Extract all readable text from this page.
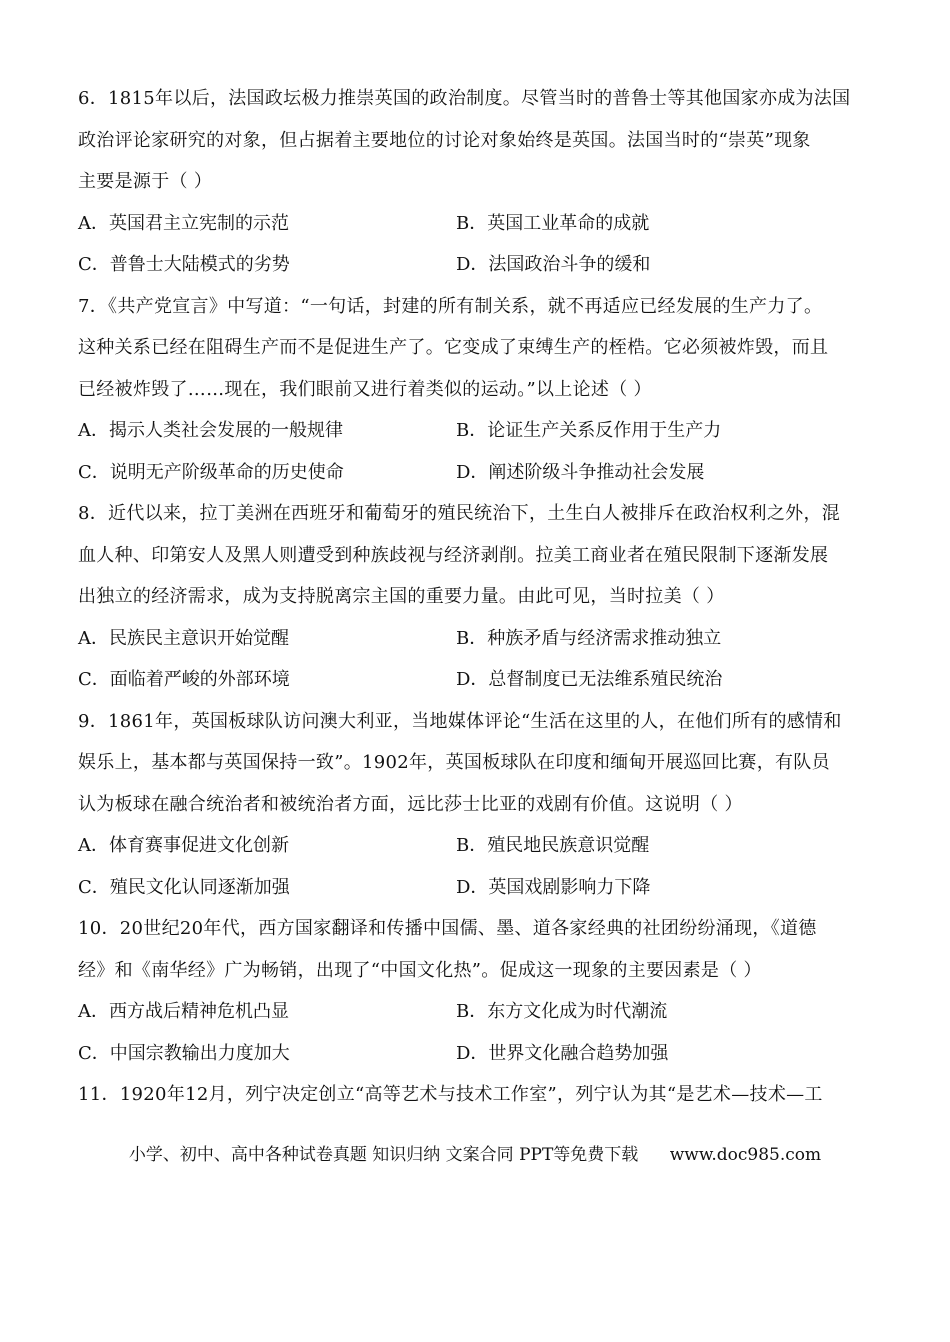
6．1815年以后，法国政坛极力推崇英国的政治制度。尽管当时的普鲁士等其他国家亦成为法国
政治评论家研究的对象，但占据着主要地位的讨论对象始终是英国。法国当时的“崇英”现象
主要是源于（ ）
A．英国君主立宪制的示范	B．英国工业革命的成就
C．普鲁士大陆模式的劣势	D．法国政治斗争的缓和
7．《共产党宣言》中写道：“一句话，封建的所有制关系，就不再适应已经发展的生产力了。
这种关系已经在阻碍生产而不是促进生产了。它变成了束缚生产的桎梏。它必须被炸毁，而且
已经被炸毁了……现在，我们眼前又进行着类似的运动。”以上论述（ ）
A．揭示人类社会发展的一般规律	B．论证生产关系反作用于生产力
C．说明无产阶级革命的历史使命	D．阐述阶级斗争推动社会发展
8．近代以来，拉丁美洲在西班牙和葡萄牙的殖民统治下，土生白人被排斥在政治权利之外，混
血人种、印第安人及黑人则遭受到种族歧视与经济剥削。拉美工商业者在殖民限制下逐渐发展
出独立的经济需求，成为支持脱离宗主国的重要力量。由此可见，当时拉美（ ）
A．民族民主意识开始觉醒	B．种族矛盾与经济需求推动独立
C．面临着严峻的外部环境	D．总督制度已无法维系殖民统治
9．1861年，英国板球队访问澳大利亚，当地媒体评论“生活在这里的人，在他们所有的感情和
娱乐上，基本都与英国保持一致”。1902年，英国板球队在印度和缅甸开展巡回比赛，有队员
认为板球在融合统治者和被统治者方面，远比莎士比亚的戏剧有价值。这说明（ ）
A．体育赛事促进文化创新	B．殖民地民族意识觉醒
C．殖民文化认同逐渐加强	D．英国戏剧影响力下降
10．20世纪20年代，西方国家翻译和传播中国儒、墨、道各家经典的社团纷纷涌现，《道德
经》和《南华经》广为畅销，出现了“中国文化热”。促成这一现象的主要因素是（ ）
A．西方战后精神危机凸显	B．东方文化成为时代潮流
C．中国宗教输出力度加大	D．世界文化融合趋势加强
11．1920年12月，列宁决定创立“高等艺术与技术工作室”，列宁认为其“是艺术—技术—工
小学、初中、高中各种试卷真题 知识归纳 文案合同 PPT等免费下载 www.doc985.com
